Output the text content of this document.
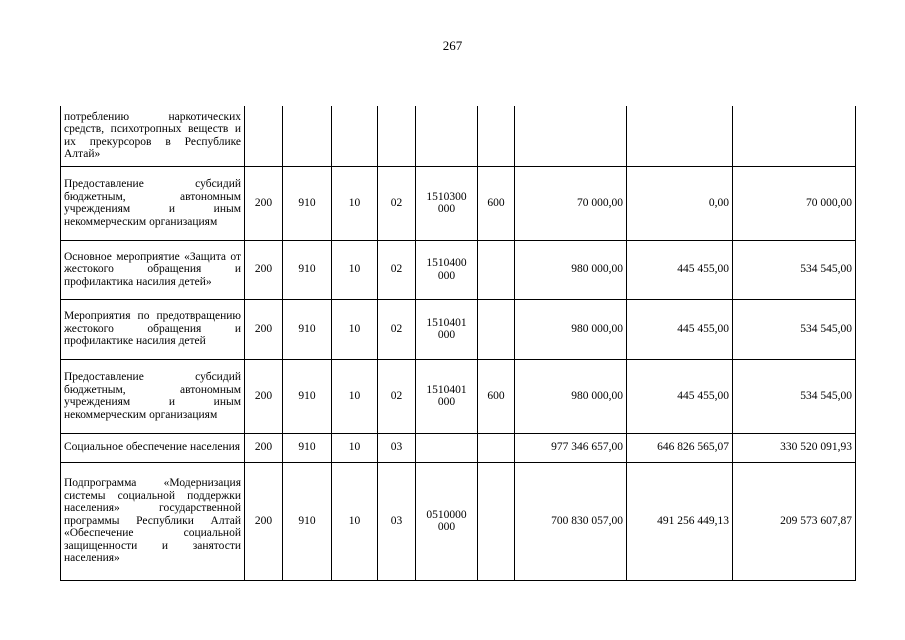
267
потреблению наркотических средств, психотропных веществ и их прекурсоров в Республике Алтай»									
Предоставление субсидий бюджетным, автономным учреждениям и иным некоммерческим организациям	200	910	10	02	1510300 000	600	70 000,00	0,00	70 000,00
Основное мероприятие «Защита от жестокого обращения и профилактика насилия детей»	200	910	10	02	1510400 000		980 000,00	445 455,00	534 545,00
Мероприятия по предотвращению жестокого обращения и профилактике насилия детей	200	910	10	02	1510401 000		980 000,00	445 455,00	534 545,00
Предоставление субсидий бюджетным, автономным учреждениям и иным некоммерческим организациям	200	910	10	02	1510401 000	600	980 000,00	445 455,00	534 545,00
Социальное обеспечение населения	200	910	10	03			977 346 657,00	646 826 565,07	330 520 091,93
Подпрограмма «Модернизация системы социальной поддержки населения» государственной программы Республики Алтай «Обеспечение социальной защищенности и занятости населения»	200	910	10	03	0510000 000		700 830 057,00	491 256 449,13	209 573 607,87
